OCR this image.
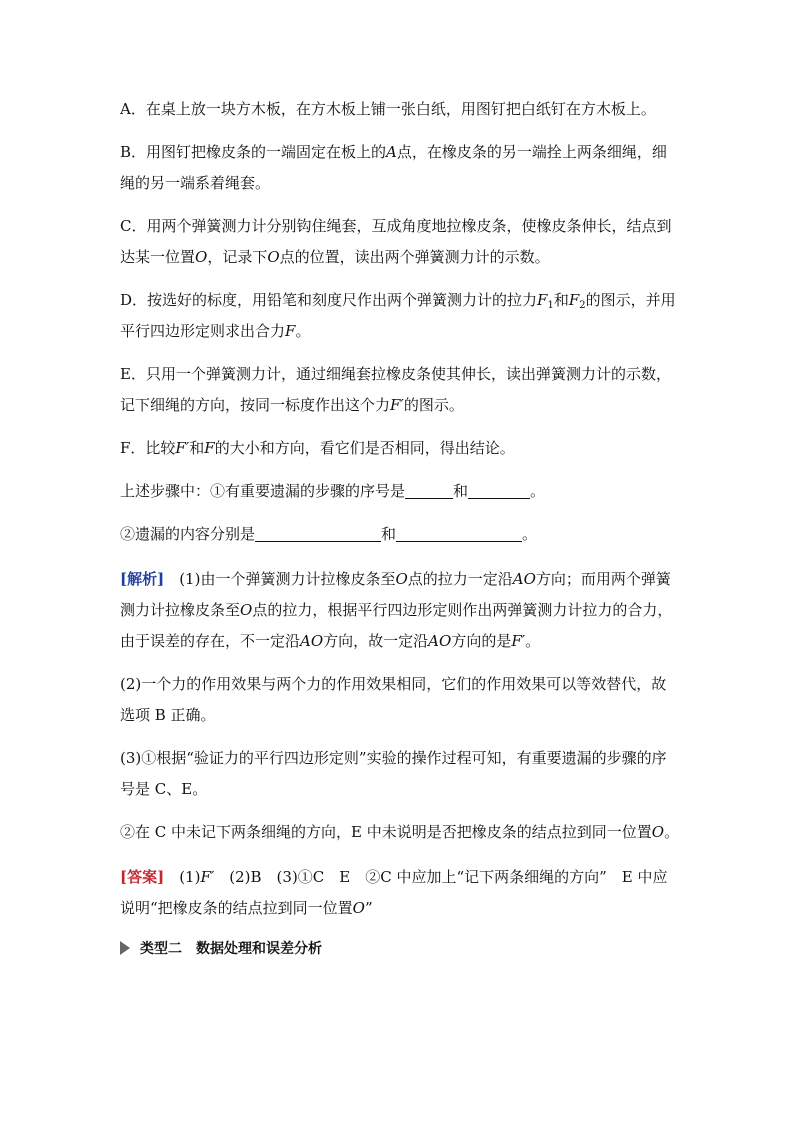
A．在桌上放一块方木板，在方木板上铺一张白纸，用图钉把白纸钉在方木板上。

B．用图钉把橡皮条的一端固定在板上的A点，在橡皮条的另一端拴上两条细绳，细绳的另一端系着绳套。

C．用两个弹簧测力计分别钩住绳套，互成角度地拉橡皮条，使橡皮条伸长，结点到达某一位置O，记录下O点的位置，读出两个弹簧测力计的示数。

D．按选好的标度，用铅笔和刻度尺作出两个弹簧测力计的拉力$F_1$和$F_2$的图示，并用平行四边形定则求出合力F。

E．只用一个弹簧测力计，通过细绳套拉橡皮条使其伸长，读出弹簧测力计的示数，记下细绳的方向，按同一标度作出这个力F′的图示。

F．比较F′和F的大小和方向，看它们是否相同，得出结论。

上述步骤中：①有重要遗漏的步骤的序号是	和	。

②遗漏的内容分别是	和	。

[解析]　(1)由一个弹簧测力计拉橡皮条至O点的拉力一定沿AO方向；而用两个弹簧测力计拉橡皮条至O点的拉力，根据平行四边形定则作出两弹簧测力计拉力的合力，由于误差的存在，不一定沿AO方向，故一定沿AO方向的是F′。

(2)一个力的作用效果与两个力的作用效果相同，它们的作用效果可以等效替代，故选项 B 正确。

(3)①根据“验证力的平行四边形定则”实验的操作过程可知，有重要遗漏的步骤的序号是 C、E。

②在 C 中未记下两条细绳的方向，E 中未说明是否把橡皮条的结点拉到同一位置O。

[答案]　(1)F′　(2)B　(3)①C　E　②C 中应加上“记下两条细绳的方向”　E 中应说明“把橡皮条的结点拉到同一位置O”

类型二　数据处理和误差分析
